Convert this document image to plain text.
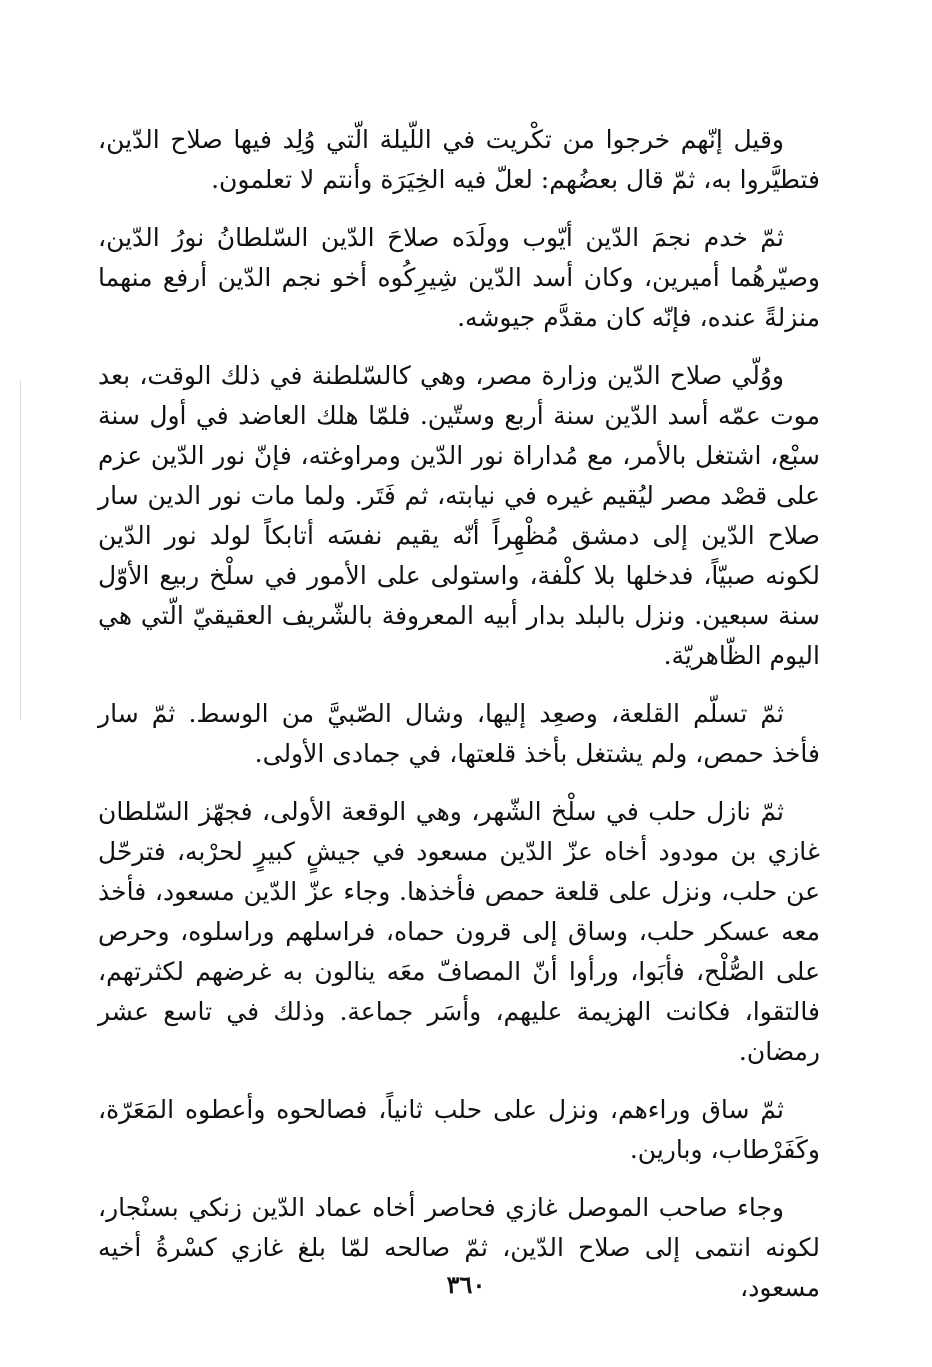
وقيل إنّهم خرجوا من تكْريت في اللّيلة الّتي وُلِد فيها صلاح الدّين، فتطيَّروا به، ثمّ قال بعضُهم: لعلّ فيه الخِيَرَة وأنتم لا تعلمون.

ثمّ خدم نجمَ الدّين أيّوب وولَدَه صلاحَ الدّين السّلطانُ نورُ الدّين، وصيّرهُما أميرين، وكان أسد الدّين شِيرِكُوه أخو نجم الدّين أرفع منهما منزلةً عنده، فإنّه كان مقدَّم جيوشه.

ووُلّي صلاح الدّين وزارة مصر، وهي كالسّلطنة في ذلك الوقت، بعد موت عمّه أسد الدّين سنة أربع وستّين. فلمّا هلك العاضد في أول سنة سبْع، اشتغل بالأمر، مع مُداراة نور الدّين ومراوغته، فإنّ نور الدّين عزم على قصْد مصر ليُقيم غيره في نيابته، ثم فَتَر. ولما مات نور الدين سار صلاح الدّين إلى دمشق مُظْهِراً أنّه يقيم نفسَه أتابكاً لولد نور الدّين لكونه صبيّاً، فدخلها بلا كلْفة، واستولى على الأمور في سلْخ ربيع الأوّل سنة سبعين. ونزل بالبلد بدار أبيه المعروفة بالشّريف العقيقيّ الّتي هي اليوم الظّاهريّة.

ثمّ تسلّم القلعة، وصعِد إليها، وشال الصّبيَّ من الوسط. ثمّ سار فأخذ حمص، ولم يشتغل بأخذ قلعتها، في جمادى الأولى.

ثمّ نازل حلب في سلْخ الشّهر، وهي الوقعة الأولى، فجهّز السّلطان غازي بن مودود أخاه عزّ الدّين مسعود في جيشٍ كبيرٍ لحرْبه، فترحّل عن حلب، ونزل على قلعة حمص فأخذها. وجاء عزّ الدّين مسعود، فأخذ معه عسكر حلب، وساق إلى قرون حماه، فراسلهم وراسلوه، وحرص على الصُّلْح، فأبَوا، ورأوا أنّ المصافّ معَه ينالون به غرضهم لكثرتهم، فالتقوا، فكانت الهزيمة عليهم، وأسَر جماعة. وذلك في تاسع عشر رمضان.

ثمّ ساق وراءهم، ونزل على حلب ثانياً، فصالحوه وأعطوه المَعَرّة، وكَفَرْطاب، وبارين.

وجاء صاحب الموصل غازي فحاصر أخاه عماد الدّين زنكي بسنْجار، لكونه انتمى إلى صلاح الدّين، ثمّ صالحه لمّا بلغ غازي كسْرةُ أخيه مسعود،

٣٦٠
